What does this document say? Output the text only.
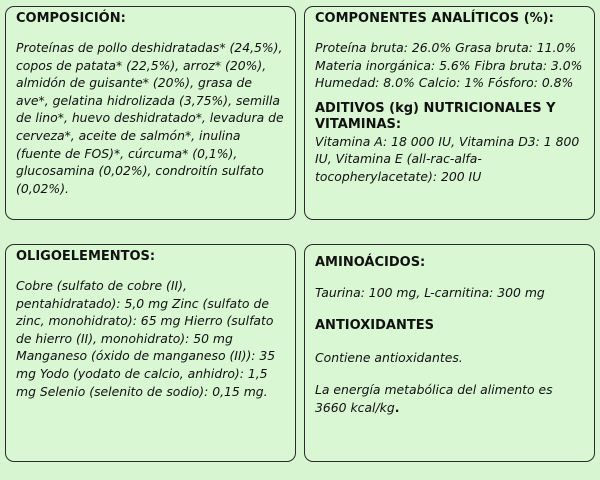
COMPOSICIÓN:

Proteínas de pollo deshidratadas* (24,5%), copos de patata* (22,5%), arroz* (20%), almidón de guisante* (20%), grasa de ave*, gelatina hidrolizada (3,75%), semilla de lino*, huevo deshidratado*, levadura de cerveza*, aceite de salmón*, inulina (fuente de FOS)*, cúrcuma* (0,1%), glucosamina (0,02%), condroitín sulfato (0,02%).

COMPONENTES ANALÍTICOS (%):

Proteína bruta: 26.0% Grasa bruta: 11.0% Materia inorgánica: 5.6% Fibra bruta: 3.0% Humedad: 8.0% Calcio: 1% Fósforo: 0.8%

ADITIVOS (kg) NUTRICIONALES Y VITAMINAS:

Vitamina A: 18 000 IU, Vitamina D3: 1 800 IU, Vitamina E (all-rac-alfa-tocopherylacetate): 200 IU

OLIGOELEMENTOS:

Cobre (sulfato de cobre (II), pentahidratado): 5,0 mg Zinc (sulfato de zinc, monohidrato): 65 mg Hierro (sulfato de hierro (II), monohidrato): 50 mg Manganeso (óxido de manganeso (II)): 35 mg Yodo (yodato de calcio, anhidro): 1,5 mg Selenio (selenito de sodio): 0,15 mg.

AMINOÁCIDOS:

Taurina: 100 mg, L-carnitina: 300 mg

ANTIOXIDANTES

Contiene antioxidantes.

La energía metabólica del alimento es 3660 kcal/kg.
